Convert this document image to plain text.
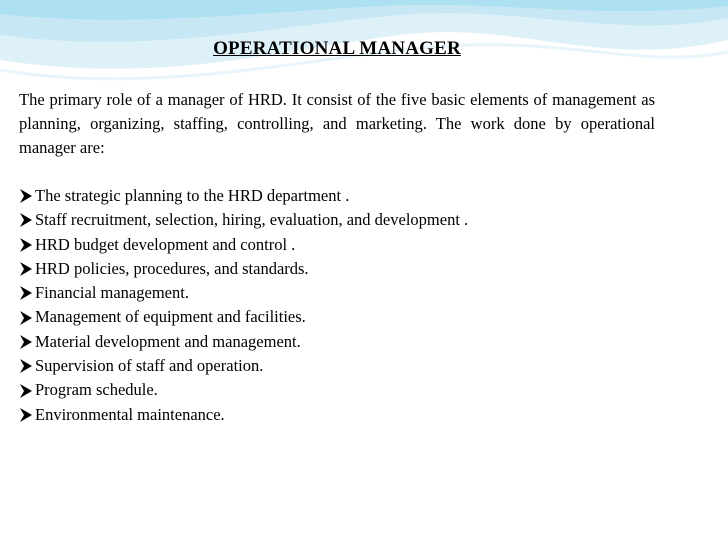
OPERATIONAL MANAGER
The primary role of a manager of HRD. It consist of the five basic elements of management as planning, organizing, staffing, controlling, and marketing. The work done by operational manager are:
The strategic planning to the HRD department .
Staff recruitment, selection, hiring, evaluation, and development .
HRD budget development and control .
HRD policies, procedures, and standards.
Financial management.
Management of equipment and facilities.
Material development and management.
Supervision of staff and operation.
Program schedule.
Environmental maintenance.
